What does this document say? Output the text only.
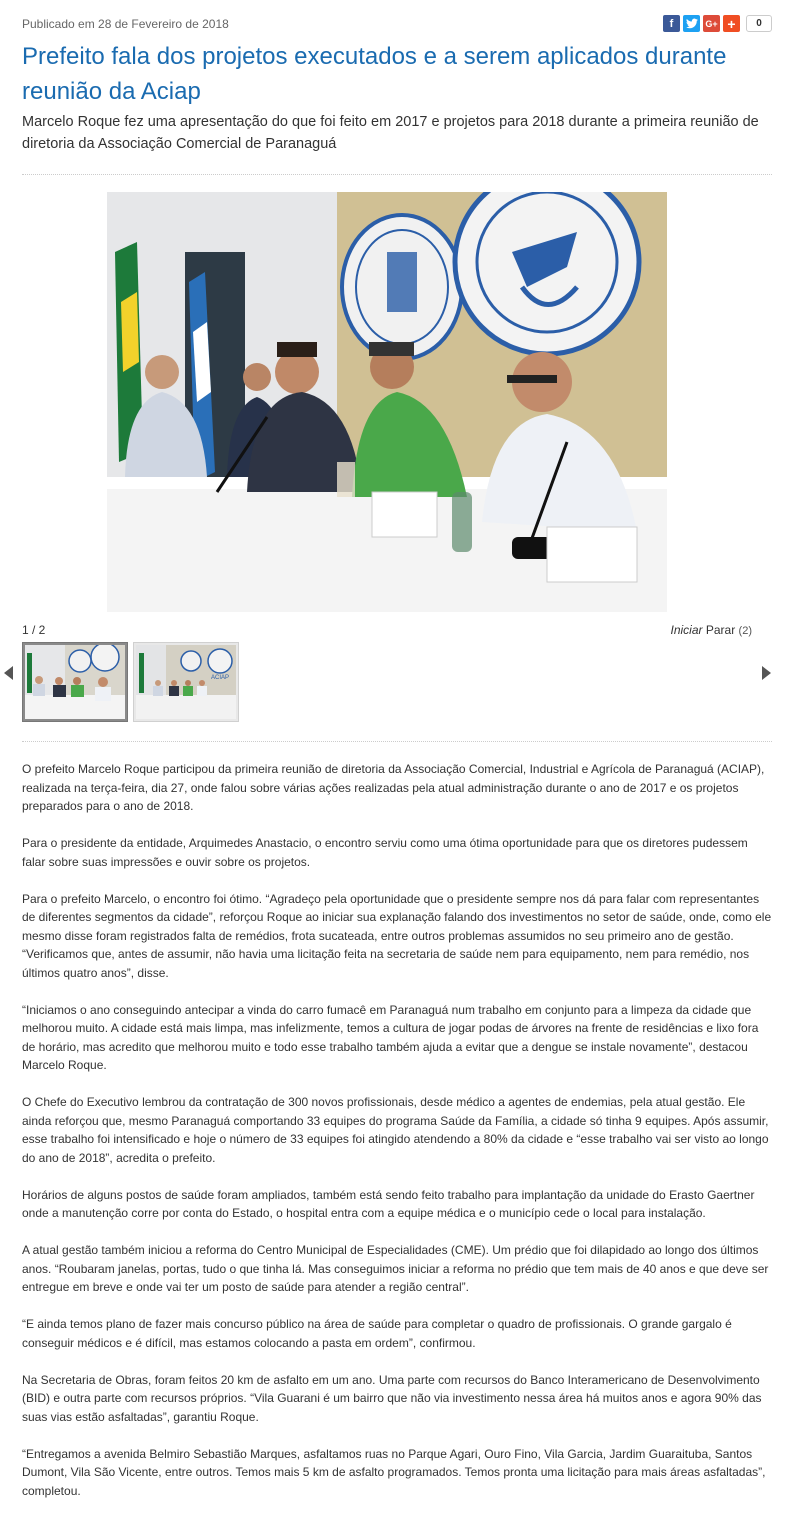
Publicado em 28 de Fevereiro de 2018	f	G+ +	0
Prefeito fala dos projetos executados e a serem aplicados durante reunião da Aciap

Marcelo Roque fez uma apresentação do que foi feito em 2017 e projetos para 2018 durante a primeira reunião de diretoria da Associação Comercial de Paranaguá

1 / 2	Iniciar Parar (2)
ACIAP

O prefeito Marcelo Roque participou da primeira reunião de diretoria da Associação Comercial, Industrial e Agrícola de Paranaguá (ACIAP), realizada na terça-feira, dia 27, onde falou sobre várias ações realizadas pela atual administração durante o ano de 2017 e os projetos preparados para o ano de 2018.

Para o presidente da entidade, Arquimedes Anastacio, o encontro serviu como uma ótima oportunidade para que os diretores pudessem falar sobre suas impressões e ouvir sobre os projetos.

Para o prefeito Marcelo, o encontro foi ótimo. “Agradeço pela oportunidade que o presidente sempre nos dá para falar com representantes de diferentes segmentos da cidade”, reforçou Roque ao iniciar sua explanação falando dos investimentos no setor de saúde, onde, como ele mesmo disse foram registrados falta de remédios, frota sucateada, entre outros problemas assumidos no seu primeiro ano de gestão. “Verificamos que, antes de assumir, não havia uma licitação feita na secretaria de saúde nem para equipamento, nem para remédio, nos últimos quatro anos”, disse.

“Iniciamos o ano conseguindo antecipar a vinda do carro fumacê em Paranaguá num trabalho em conjunto para a limpeza da cidade que melhorou muito. A cidade está mais limpa, mas infelizmente, temos a cultura de jogar podas de árvores na frente de residências e lixo fora de horário, mas acredito que melhorou muito e todo esse trabalho também ajuda a evitar que a dengue se instale novamente”, destacou Marcelo Roque.

O Chefe do Executivo lembrou da contratação de 300 novos profissionais, desde médico a agentes de endemias, pela atual gestão. Ele ainda reforçou que, mesmo Paranaguá comportando 33 equipes do programa Saúde da Família, a cidade só tinha 9 equipes. Após assumir, esse trabalho foi intensificado e hoje o número de 33 equipes foi atingido atendendo a 80% da cidade e “esse trabalho vai ser visto ao longo do ano de 2018”, acredita o prefeito.

Horários de alguns postos de saúde foram ampliados, também está sendo feito trabalho para implantação da unidade do Erasto Gaertner onde a manutenção corre por conta do Estado, o hospital entra com a equipe médica e o município cede o local para instalação.

A atual gestão também iniciou a reforma do Centro Municipal de Especialidades (CME). Um prédio que foi dilapidado ao longo dos últimos anos. “Roubaram janelas, portas, tudo o que tinha lá. Mas conseguimos iniciar a reforma no prédio que tem mais de 40 anos e que deve ser entregue em breve e onde vai ter um posto de saúde para atender a região central”.

“E ainda temos plano de fazer mais concurso público na área de saúde para completar o quadro de profissionais. O grande gargalo é conseguir médicos e é difícil, mas estamos colocando a pasta em ordem”, confirmou.

Na Secretaria de Obras, foram feitos 20 km de asfalto em um ano. Uma parte com recursos do Banco Interamericano de Desenvolvimento (BID) e outra parte com recursos próprios. “Vila Guarani é um bairro que não via investimento nessa área há muitos anos e agora 90% das suas vias estão asfaltadas”, garantiu Roque.

“Entregamos a avenida Belmiro Sebastião Marques, asfaltamos ruas no Parque Agari, Ouro Fino, Vila Garcia, Jardim Guaraituba, Santos Dumont, Vila São Vicente, entre outros. Temos mais 5 km de asfalto programados. Temos pronta uma licitação para mais áreas asfaltadas”, completou.
